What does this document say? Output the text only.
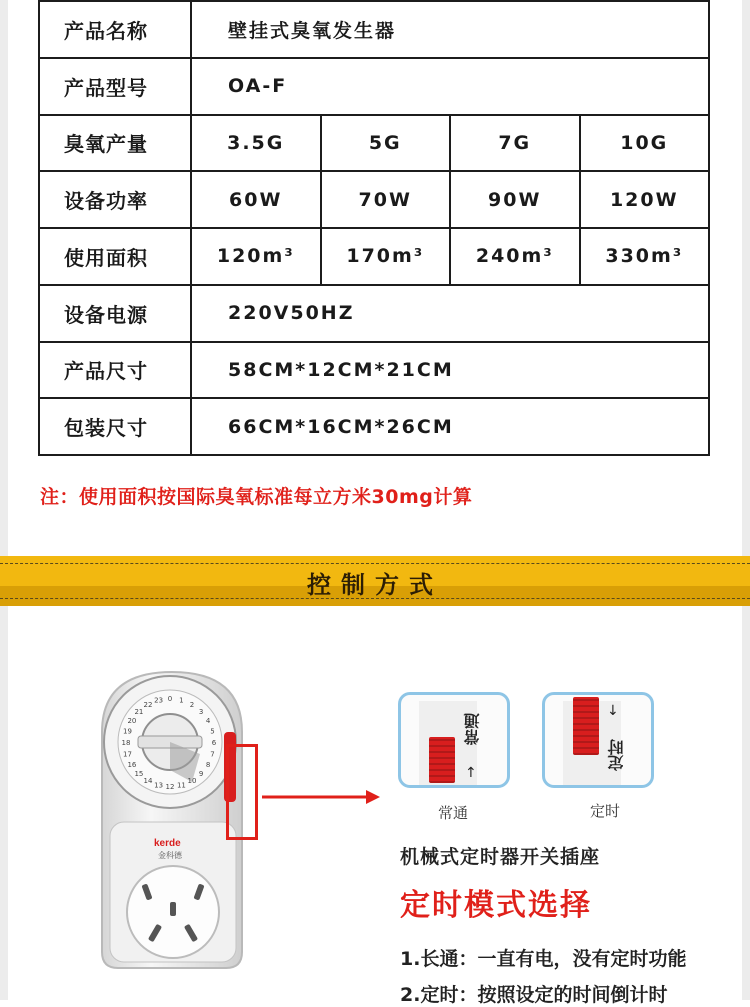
产品名称	壁挂式臭氧发生器			
产品型号	OA-F			
臭氧产量	3.5G	5G	7G	10G
设备功率	60W	70W	90W	120W
使用面积	120m³	170m³	240m³	330m³
设备电源	220V50HZ			
产品尺寸	58CM*12CM*21CM			
包装尺寸	66CM*16CM*26CM			
注：使用面积按国际臭氧标准每立方米30mg计算
控制方式
0 1
2
3
4
5
6
7
8
9
10
11
12
13
14
15
16
17
18
19
20
21
22
23
kerde
金科德
常通
↑
常通
↓
定时
定时
机械式定时器开关插座
定时模式选择
1.长通：一直有电，没有定时功能
2.定时：按照设定的时间倒计时
